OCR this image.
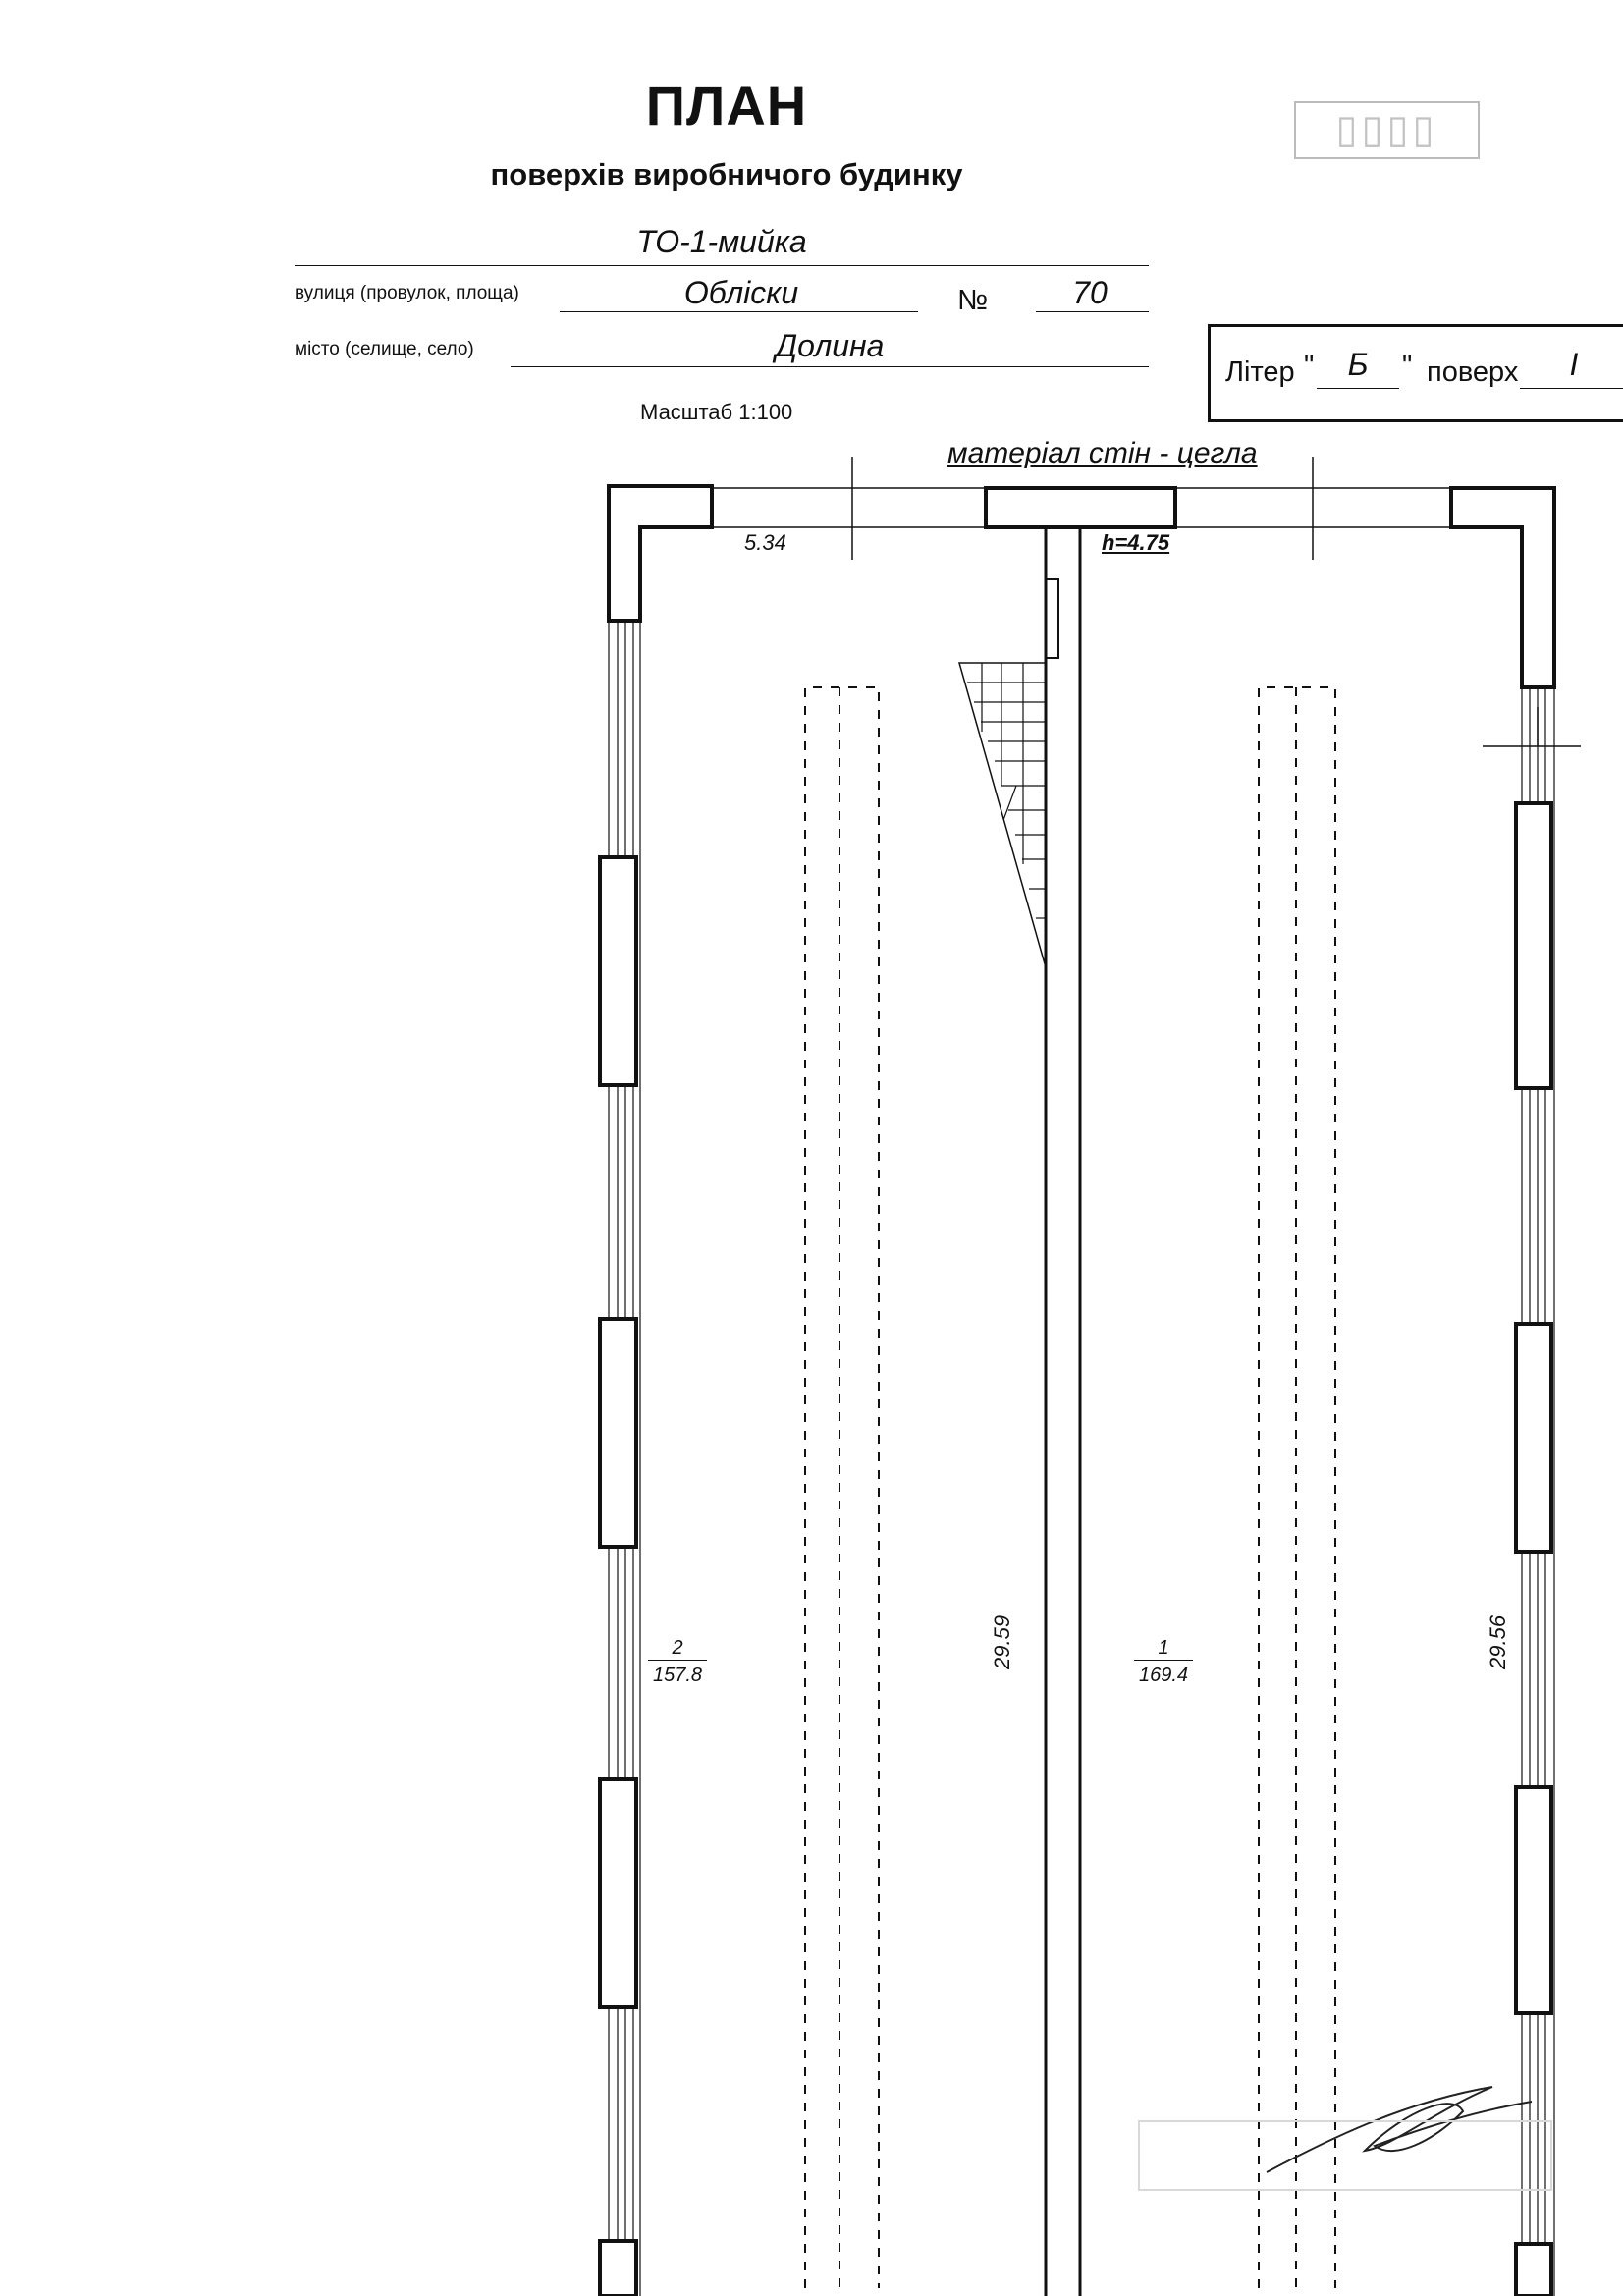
ПЛАН
поверхів виробничого будинку
▯▯▯▯
ТО-1-мийка
вулиця (провулок, площа)	Обліски	№	70
місто (селище, село)	Долина
Масштаб 1:100
Літер "	Б	" поверх	I
матеріал стін - цегла
5.34	h=4.75
29.59	29.56
2
157.8
1
169.4
